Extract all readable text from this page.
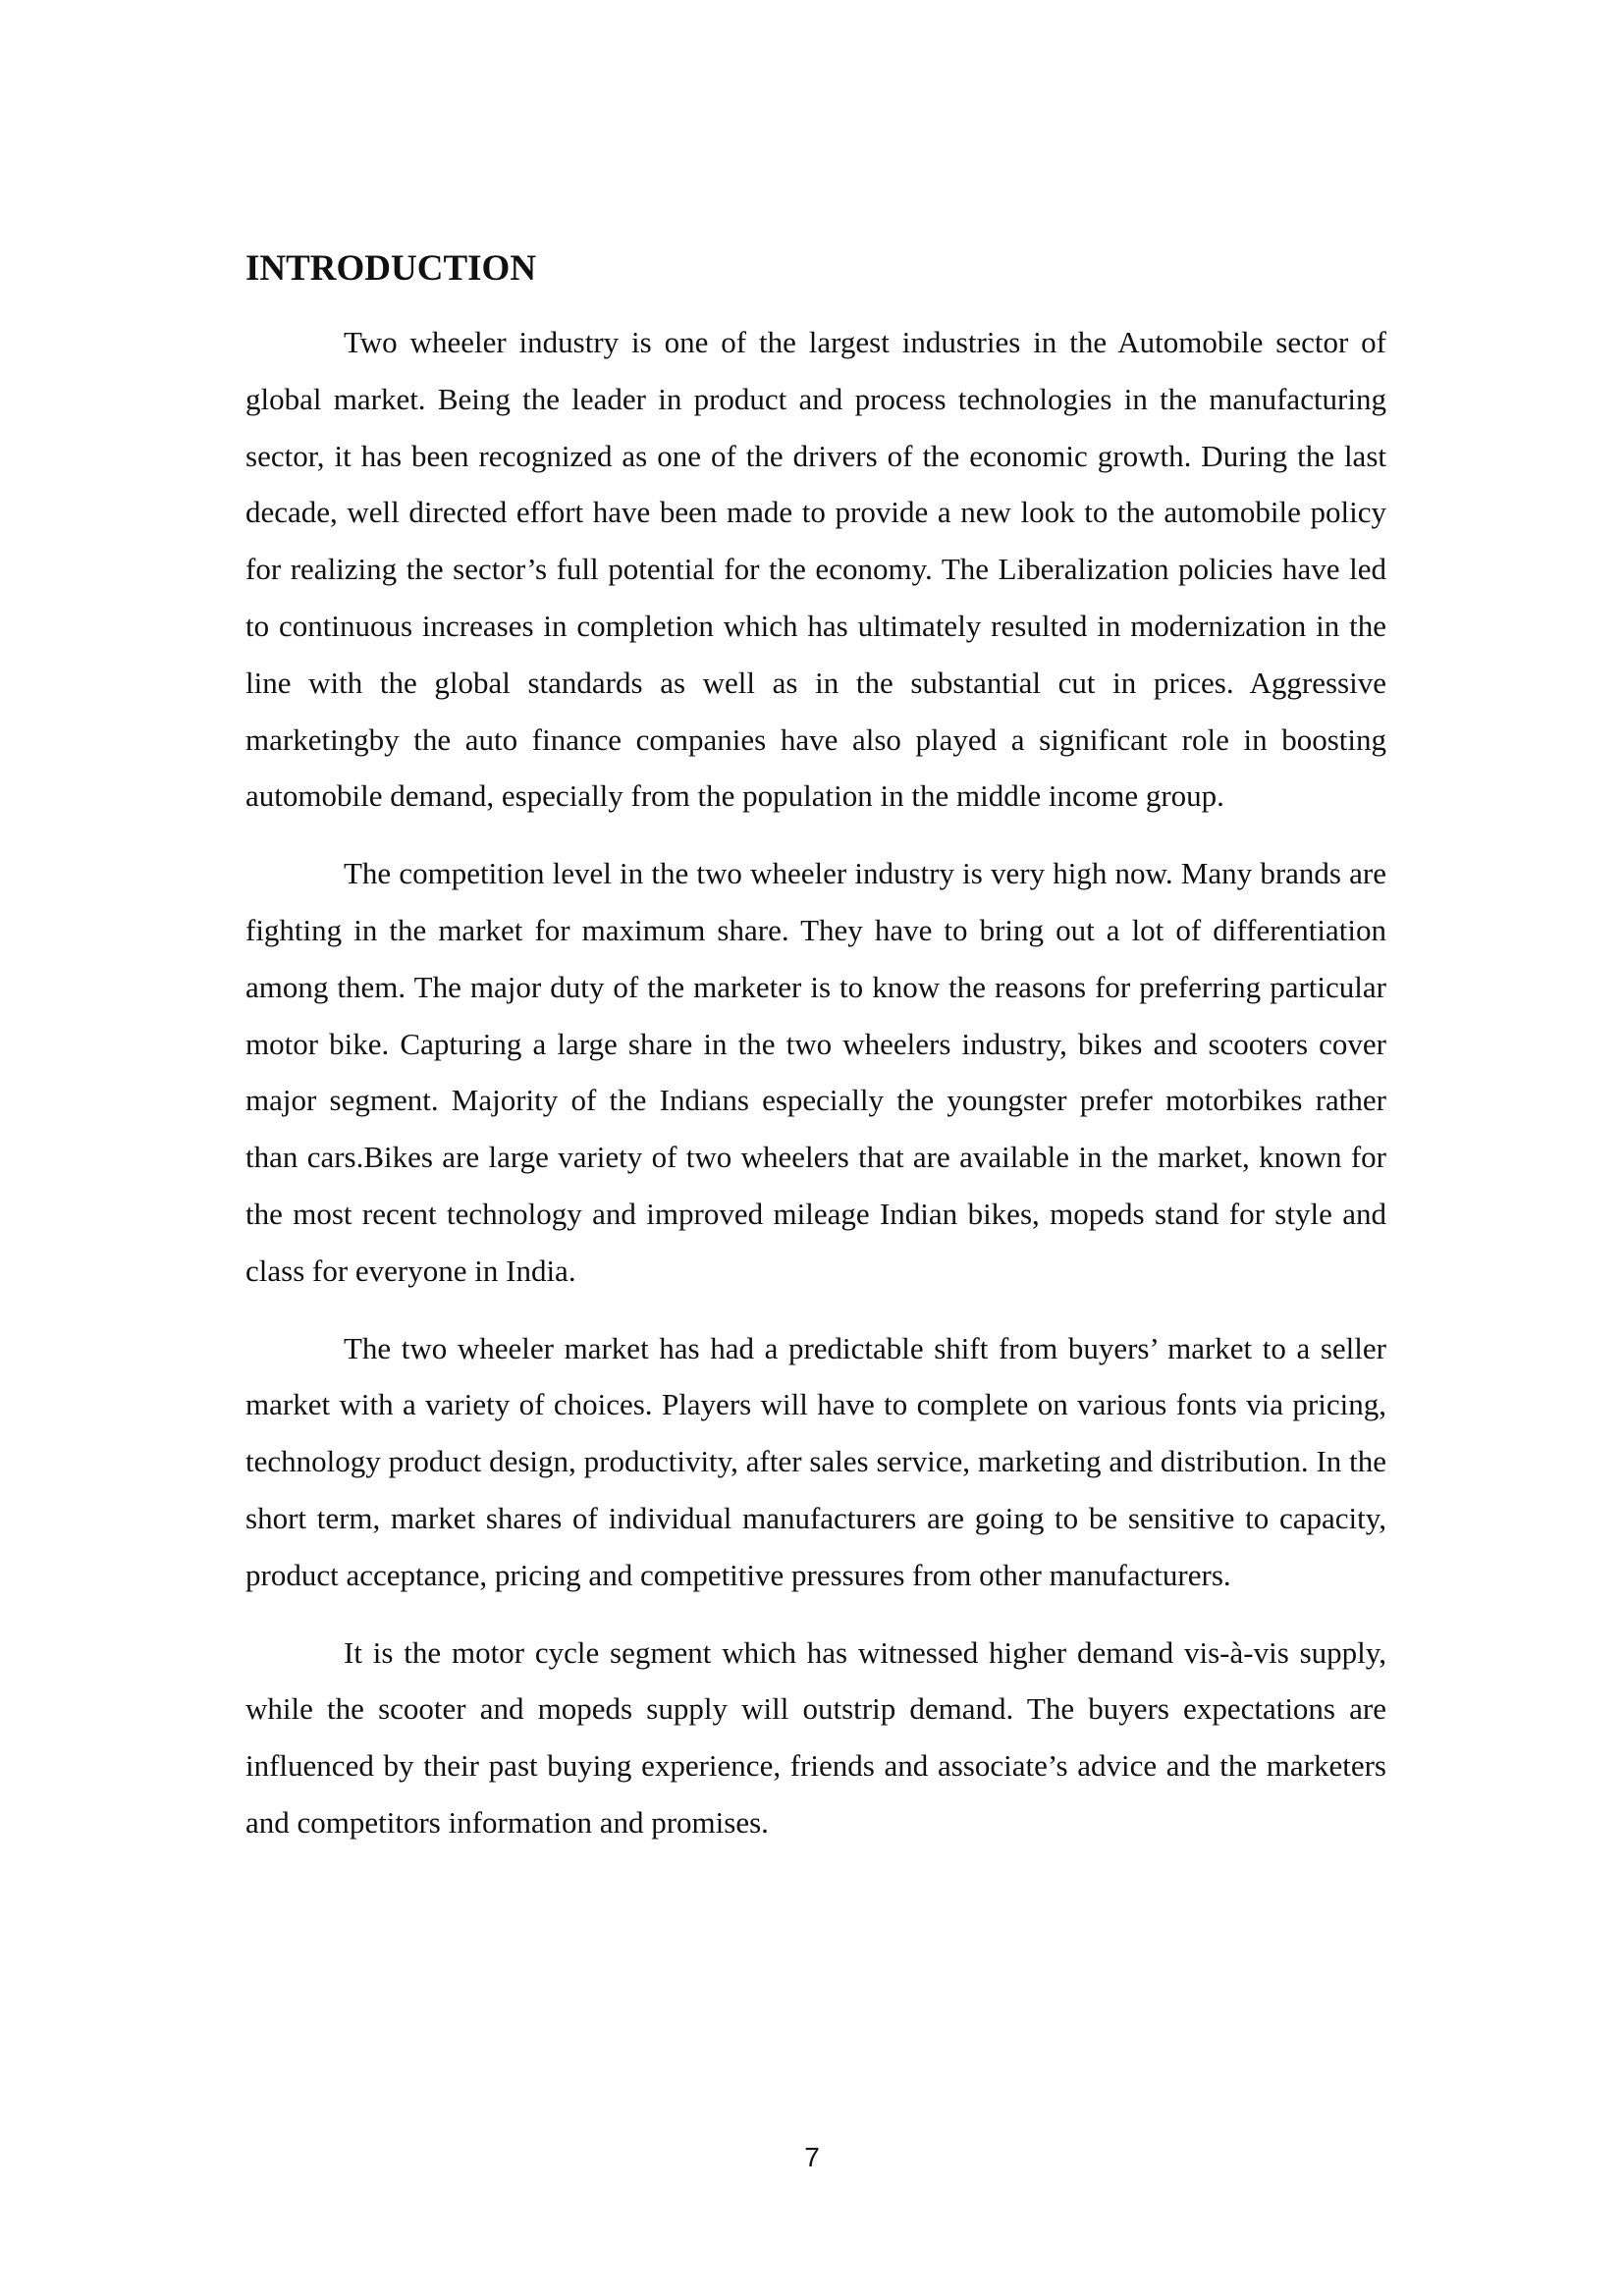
INTRODUCTION

Two wheeler industry is one of the largest industries in the Automobile sector of global market. Being the leader in product and process technologies in the manufacturing sector, it has been recognized as one of the drivers of the economic growth. During the last decade, well directed effort have been made to provide a new look to the automobile policy for realizing the sector’s full potential for the economy. The Liberalization policies have led to continuous increases in completion which has ultimately resulted in modernization in the line with the global standards as well as in the substantial cut in prices. Aggressive marketingby the auto finance companies have also played a significant role in boosting automobile demand, especially from the population in the middle income group.

The competition level in the two wheeler industry is very high now. Many brands are fighting in the market for maximum share. They have to bring out a lot of differentiation among them. The major duty of the marketer is to know the reasons for preferring particular motor bike. Capturing a large share in the two wheelers industry, bikes and scooters cover major segment. Majority of the Indians especially the youngster prefer motorbikes rather than cars.Bikes are large variety of two wheelers that are available in the market, known for the most recent technology and improved mileage Indian bikes, mopeds stand for style and class for everyone in India.

The two wheeler market has had a predictable shift from buyers’ market to a seller market with a variety of choices. Players will have to complete on various fonts via pricing, technology product design, productivity, after sales service, marketing and distribution. In the short term, market shares of individual manufacturers are going to be sensitive to capacity, product acceptance, pricing and competitive pressures from other manufacturers.

It is the motor cycle segment which has witnessed higher demand vis-à-vis supply, while the scooter and mopeds supply will outstrip demand. The buyers expectations are influenced by their past buying experience, friends and associate’s advice and the marketers and competitors information and promises.

7
